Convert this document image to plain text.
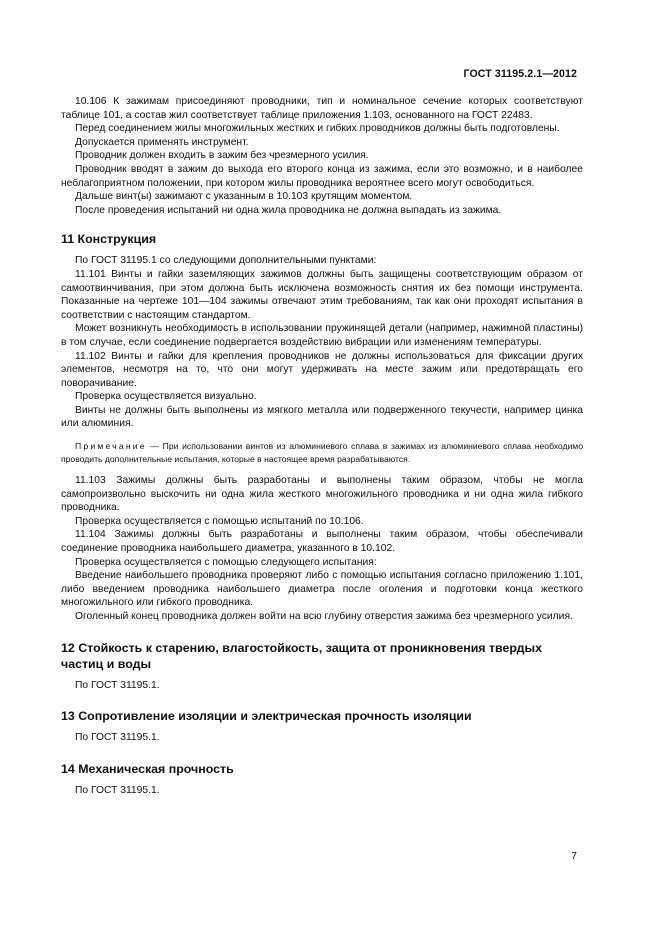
ГОСТ 31195.2.1—2012

10.106 К зажимам присоединяют проводники, тип и номинальное сечение которых соответствуют таблице 101, а состав жил соответствует таблице приложения 1.103, основанного на ГОСТ 22483.

Перед соединением жилы многожильных жестких и гибких проводников должны быть подготовлены.

Допускается применять инструмент.

Проводник должен входить в зажим без чрезмерного усилия.

Проводник вводят в зажим до выхода его второго конца из зажима, если это возможно, и в наиболее неблагоприятном положении, при котором жилы проводника вероятнее всего могут освободиться.

Дальше винт(ы) зажимают с указанным в 10.103 крутящим моментом.

После проведения испытаний ни одна жила проводника не должна выпадать из зажима.

11 Конструкция

По ГОСТ 31195.1 со следующими дополнительными пунктами:

11.101 Винты и гайки заземляющих зажимов должны быть защищены соответствующим образом от самоотвинчивания, при этом должна быть исключена возможность снятия их без помощи инструмента. Показанные на чертеже 101—104 зажимы отвечают этим требованиям, так как они проходят испытания в соответствии с настоящим стандартом.

Может возникнуть необходимость в использовании пружинящей детали (например, нажимной пластины) в том случае, если соединение подвергается воздействию вибрации или изменениям температуры.

11.102 Винты и гайки для крепления проводников не должны использоваться для фиксации других элементов, несмотря на то, что они могут удерживать на месте зажим или предотвращать его поворачивание.

Проверка осуществляется визуально.

Винты не должны быть выполнены из мягкого металла или подверженного текучести, например цинка или алюминия.

Примечание — При использовании винтов из алюминиевого сплава в зажимах из алюминиевого сплава необходимо проводить дополнительные испытания, которые в настоящее время разрабатываются.

11.103 Зажимы должны быть разработаны и выполнены таким образом, чтобы не могла самопроизвольно выскочить ни одна жила жесткого многожильного проводника и ни одна жила гибкого проводника.

Проверка осуществляется с помощью испытаний по 10.106.

11.104 Зажимы должны быть разработаны и выполнены таким образом, чтобы обеспечивали соединение проводника наибольшего диаметра, указанного в 10.102.

Проверка осуществляется с помощью следующего испытания:

Введение наибольшего проводника проверяют либо с помощью испытания согласно приложению 1.101, либо введением проводника наибольшего диаметра после оголения и подготовки конца жесткого многожильного или гибкого проводника.

Оголенный конец проводника должен войти на всю глубину отверстия зажима без чрезмерного усилия.

12 Стойкость к старению, влагостойкость, защита от проникновения твердых частиц и воды

По ГОСТ 31195.1.

13 Сопротивление изоляции и электрическая прочность изоляции

По ГОСТ 31195.1.

14 Механическая прочность

По ГОСТ 31195.1.

7
